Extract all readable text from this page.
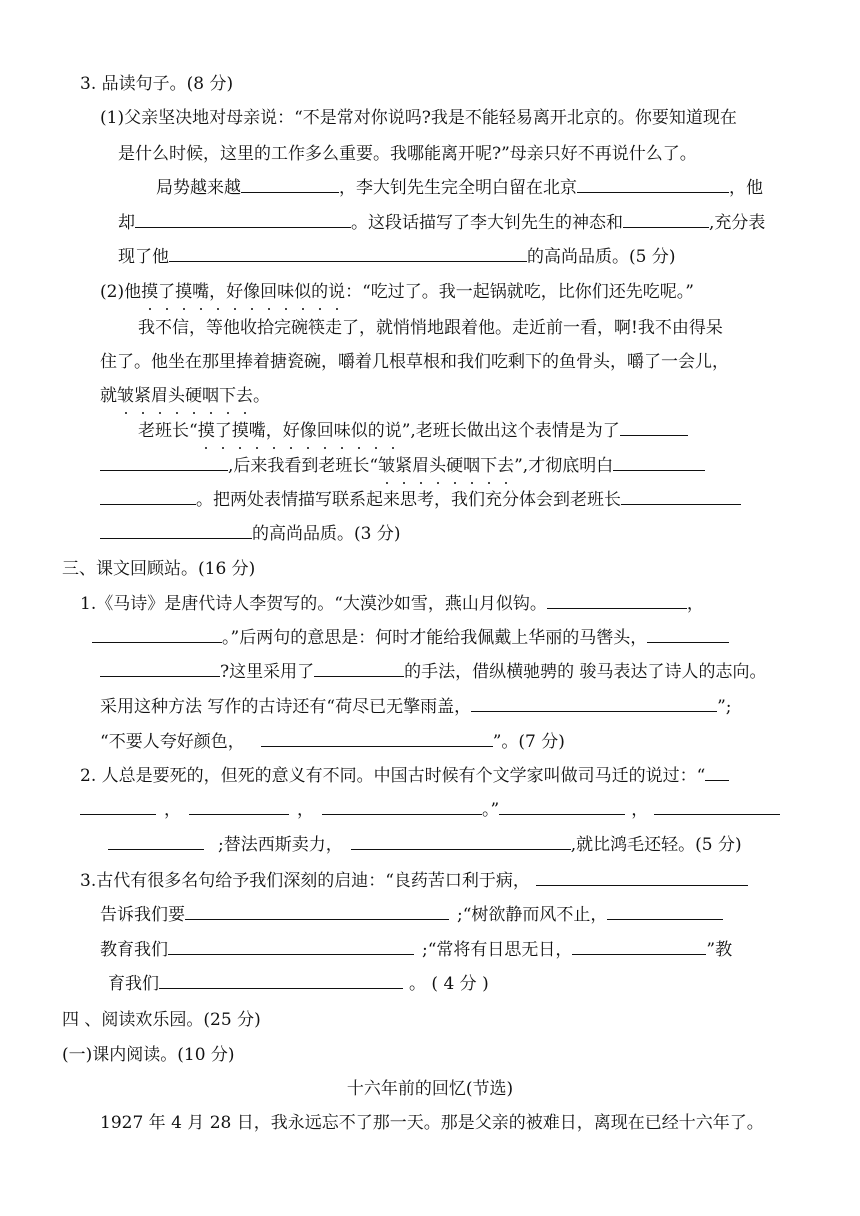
3. 品读句子。(8 分)
(1)父亲坚决地对母亲说：“不是常对你说吗?我是不能轻易离开北京的。你要知道现在
是什么时候，这里的工作多么重要。我哪能离开呢?”母亲只好不再说什么了。
局势越来越	，李大钊先生完全明白留在北京	，他
却	。这段话描写了李大钊先生的神态和	,充分表
现了他	的高尚品质。(5 分)
(2)他摸了摸嘴，好像回味似的说：“吃过了。我一起锅就吃，比你们还先吃呢。”
我不信，等他收拾完碗筷走了，就悄悄地跟着他。走近前一看，啊!我不由得呆
住了。他坐在那里捧着搪瓷碗，嚼着几根草根和我们吃剩下的鱼骨头，嚼了一会儿，
就皱紧眉头硬咽下去。
老班长“摸了摸嘴，好像回味似的说”,老班长做出这个表情是为了
,后来我看到老班长“皱紧眉头硬咽下去”,才彻底明白
。把两处表情描写联系起来思考，我们充分体会到老班长
的高尚品质。(3 分)
三、课文回顾站。(16 分)
1.《马诗》是唐代诗人李贺写的。“大漠沙如雪，燕山月似钩。	，
。”后两句的意思是：何时才能给我佩戴上华丽的马辔头，
?这里采用了	的手法，借纵横驰骋的 骏马表达了诗人的志向。
采用这种方法 写作的古诗还有“荷尽已无擎雨盖，	”;
“不要人夸好颜色，	”。(7 分)
2. 人总是要死的，但死的意义有不同。中国古时候有个文学家叫做司马迁的说过：“
，	，	。”	，
;替法西斯卖力，	,就比鸿毛还轻。(5 分)
3.古代有很多名句给予我们深刻的启迪：“良药苦口利于病，
告诉我们要	;“树欲静而风不止，
教育我们	;“常将有日思无日，	”教
育我们	。 ( 4 分 )
四 、阅读欢乐园。(25 分)
(一)课内阅读。(10 分)
十六年前的回忆(节选)
1927 年 4 月 28 日，我永远忘不了那一天。那是父亲的被难日，离现在已经十六年了。
